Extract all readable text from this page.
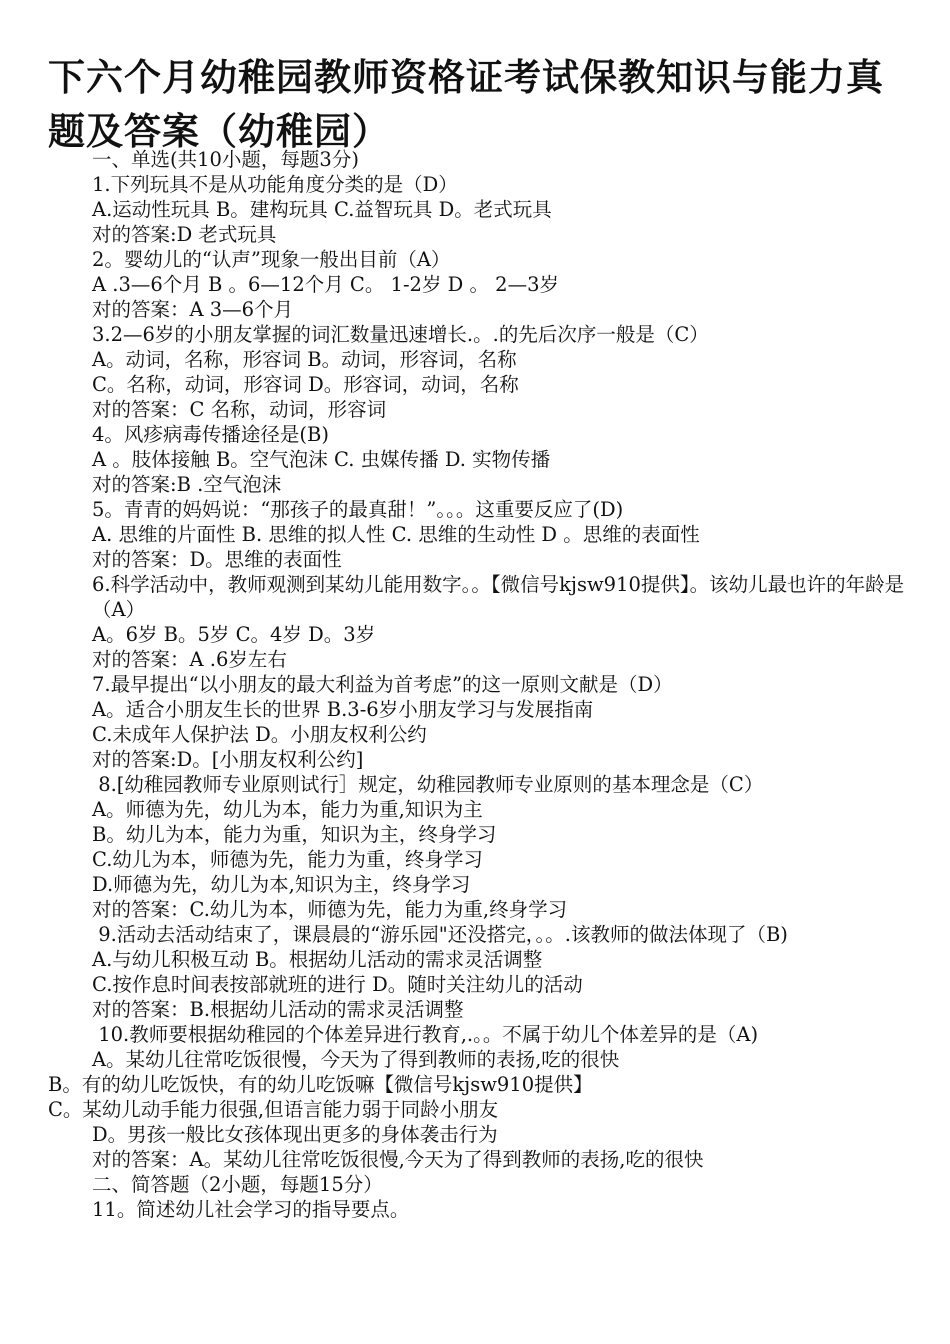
下六个月幼稚园教师资格证考试保教知识与能力真题及答案（幼稚园）

一、单选(共10小题，每题3分)

1.下列玩具不是从功能角度分类的是（D）

A.运动性玩具 B。建构玩具 C.益智玩具 D。老式玩具

对的答案:D 老式玩具

2。婴幼儿的“认声”现象一般出目前（A）

A .3—6个月 B 。6—12个月 C。 1-2岁 D 。 2—3岁

对的答案：A 3—6个月

3.2—6岁的小朋友掌握的词汇数量迅速增长.。.的先后次序一般是（C）

A。动词，名称，形容词 B。动词，形容词，名称

C。名称，动词，形容词 D。形容词，动词，名称

对的答案：C 名称，动词，形容词

4。风疹病毒传播途径是(B)

A 。肢体接触 B。空气泡沫 C. 虫媒传播 D. 实物传播

对的答案:B .空气泡沫

5。青青的妈妈说：“那孩子的最真甜！”。。。这重要反应了(D)

A. 思维的片面性 B. 思维的拟人性 C. 思维的生动性 D 。思维的表面性

对的答案：D。思维的表面性

6.科学活动中，教师观测到某幼儿能用数字。。【微信号kjsw910提供】。该幼儿最也许的年龄是（A）

A。6岁 B。5岁 C。4岁 D。3岁

对的答案：A .6岁左右

7.最早提出“以小朋友的最大利益为首考虑”的这一原则文献是（D）

A。适合小朋友生长的世界 B.3-6岁小朋友学习与发展指南

C.未成年人保护法 D。小朋友权利公约

对的答案:D。[小朋友权利公约]

8.[幼稚园教师专业原则试行］规定，幼稚园教师专业原则的基本理念是（C）

A。师德为先，幼儿为本，能力为重,知识为主

B。幼儿为本，能力为重，知识为主，终身学习

C.幼儿为本，师德为先，能力为重，终身学习

D.师德为先，幼儿为本,知识为主，终身学习

对的答案：C.幼儿为本，师德为先，能力为重,终身学习

9.活动去活动结束了，课晨晨的“游乐园"还没搭完，。。.该教师的做法体现了（B)

A.与幼儿积极互动 B。根据幼儿活动的需求灵活调整

C.按作息时间表按部就班的进行 D。随时关注幼儿的活动

对的答案：B.根据幼儿活动的需求灵活调整

10.教师要根据幼稚园的个体差异进行教育,.。。不属于幼儿个体差异的是（A)

A。某幼儿往常吃饭很慢，今天为了得到教师的表扬,吃的很快

B。有的幼儿吃饭快，有的幼儿吃饭嘛【微信号kjsw910提供】

C。某幼儿动手能力很强,但语言能力弱于同龄小朋友

D。男孩一般比女孩体现出更多的身体袭击行为

对的答案：A。某幼儿往常吃饭很慢,今天为了得到教师的表扬,吃的很快

二、简答题（2小题，每题15分）

11。简述幼儿社会学习的指导要点。
